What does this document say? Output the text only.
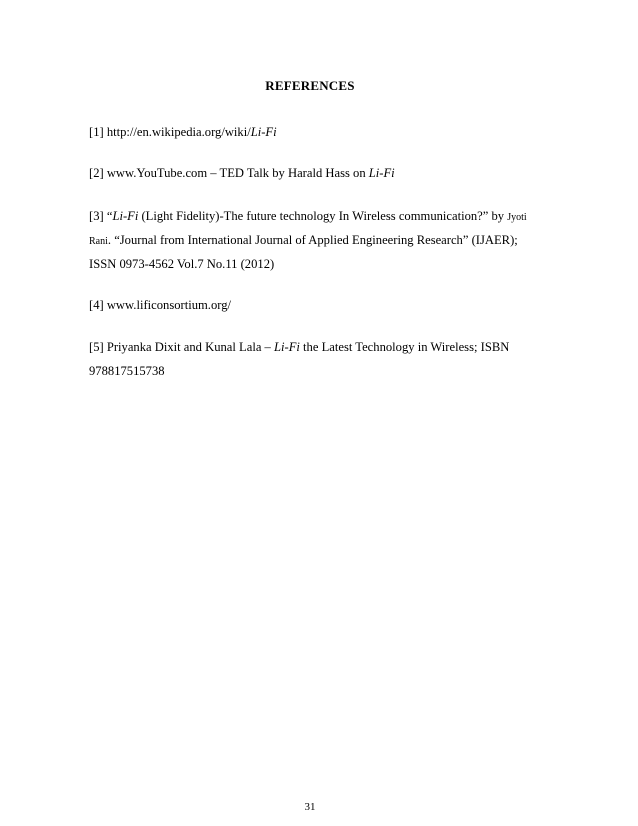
REFERENCES
[1] http://en.wikipedia.org/wiki/Li-Fi
[2] www.YouTube.com – TED Talk by Harald Hass on Li-Fi
[3] “Li-Fi (Light Fidelity)-The future technology In Wireless communication?” by Jyoti
Rani. “Journal from International Journal of Applied Engineering Research” (IJAER);
ISSN 0973-4562 Vol.7 No.11 (2012)
[4] www.lificonsortium.org/
[5] Priyanka Dixit and Kunal Lala – Li-Fi the Latest Technology in Wireless; ISBN
978817515738
31
